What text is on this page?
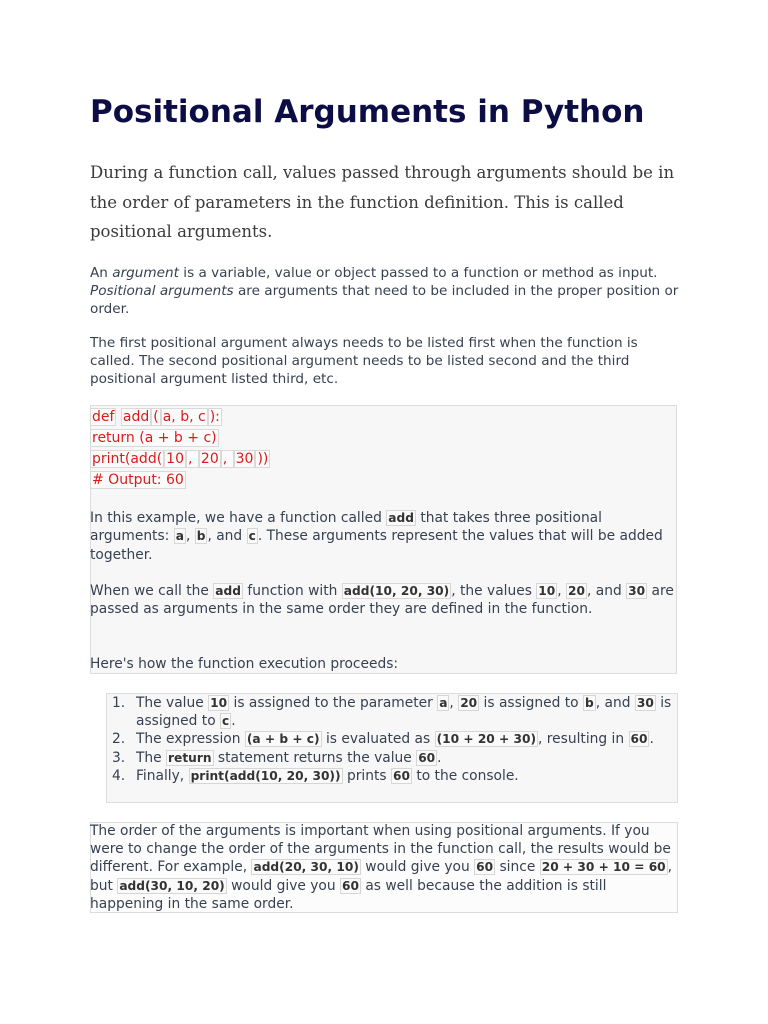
Positional Arguments in Python

During a function call, values passed through arguments should be in the order of parameters in the function definition. This is called positional arguments.

An argument is a variable, value or object passed to a function or method as input. Positional arguments are arguments that need to be included in the proper position or order.

The first positional argument always needs to be listed first when the function is called. The second positional argument needs to be listed second and the third positional argument listed third, etc.

def add ( a, b, c ):
return (a + b + c)
print(add( 10 , 20 , 30 ))
# Output: 60

In this example, we have a function called add that takes three positional arguments: a , b , and c . These arguments represent the values that will be added together.

When we call the add function with add(10, 20, 30) , the values 10 , 20 , and 30 are passed as arguments in the same order they are defined in the function.

Here's how the function execution proceeds:

1. The value 10 is assigned to the parameter a , 20 is assigned to b , and 30 is assigned to c .
2. The expression (a + b + c) is evaluated as (10 + 20 + 30) , resulting in 60 .
3. The return statement returns the value 60 .
4. Finally, print(add(10, 20, 30)) prints 60 to the console.

The order of the arguments is important when using positional arguments. If you were to change the order of the arguments in the function call, the results would be different. For example, add(20, 30, 10) would give you 60 since 20 + 30 + 10 = 60 , but add(30, 10, 20) would give you 60 as well because the addition is still happening in the same order.
